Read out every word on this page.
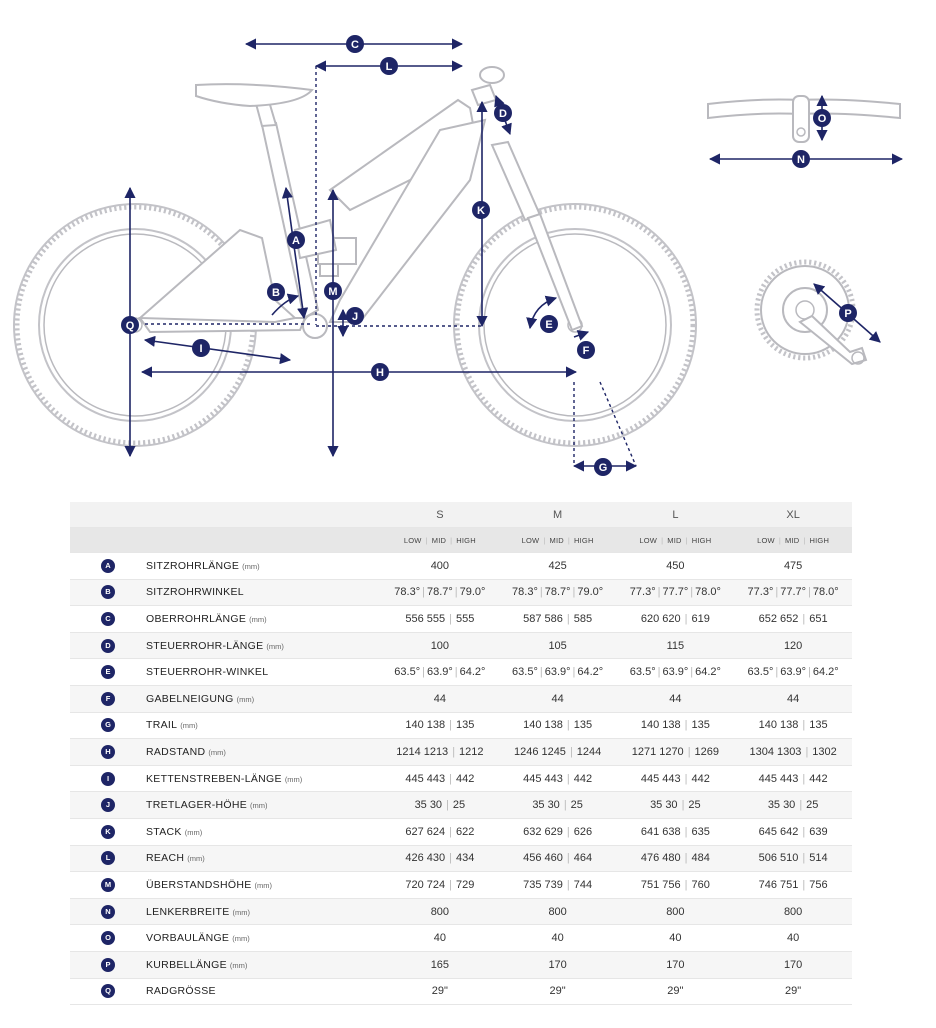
C
L
D
K
A
B	M
J
Q
I
H
E
F
G
O
N
P
		S	M	L	XL
		LOW | MID | HIGH	LOW | MID | HIGH	LOW | MID | HIGH	LOW | MID | HIGH
A	SITZROHRLÄNGE (mm)	400	425	450	475
B	SITZROHRWINKEL	78.3° | 78.7° | 79.0°	78.3° | 78.7° | 79.0°	77.3° | 77.7° | 78.0°	77.3° | 77.7° | 78.0°
C	OBERROHRLÄNGE (mm)	556 555 | 555	587 586 | 585	620 620 | 619	652 652 | 651
D	STEUERROHR-LÄNGE (mm)	100	105	115	120
E	STEUERROHR-WINKEL	63.5° | 63.9° | 64.2°	63.5° | 63.9° | 64.2°	63.5° | 63.9° | 64.2°	63.5° | 63.9° | 64.2°
F	GABELNEIGUNG (mm)	44	44	44	44
G	TRAIL (mm)	140 138 | 135	140 138 | 135	140 138 | 135	140 138 | 135
H	RADSTAND (mm)	1214 1213 | 1212	1246 1245 | 1244	1271 1270 | 1269	1304 1303 | 1302
I	KETTENSTREBEN-LÄNGE (mm)	445 443 | 442	445 443 | 442	445 443 | 442	445 443 | 442
J	TRETLAGER-HÖHE (mm)	35 30 | 25	35 30 | 25	35 30 | 25	35 30 | 25
K	STACK (mm)	627 624 | 622	632 629 | 626	641 638 | 635	645 642 | 639
L	REACH (mm)	426 430 | 434	456 460 | 464	476 480 | 484	506 510 | 514
M	ÜBERSTANDSHÖHE (mm)	720 724 | 729	735 739 | 744	751 756 | 760	746 751 | 756
N	LENKERBREITE (mm)	800	800	800	800
O	VORBAULÄNGE (mm)	40	40	40	40
P	KURBELLÄNGE (mm)	165	170	170	170
Q	RADGRÖSSE	29"	29"	29"	29"
